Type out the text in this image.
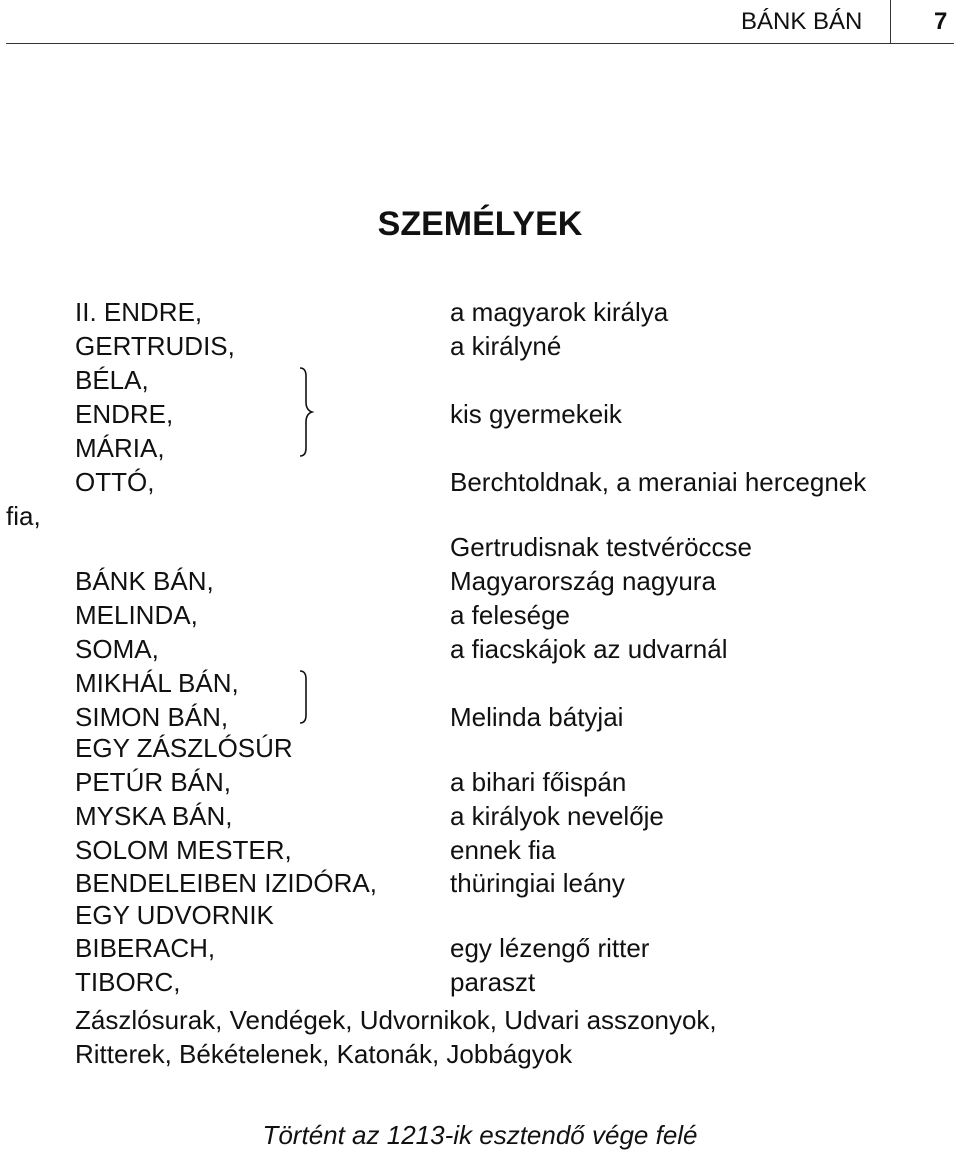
BÁNK BÁN	7
SZEMÉLYEK
II. ENDRE,	a magyarok királya
GERTRUDIS,	a királyné
BÉLA,
ENDRE,	kis gyermekeik
MÁRIA,
OTTÓ,	Berchtoldnak, a meraniai hercegnek
fia,
Gertrudisnak testvéröccse
BÁNK BÁN,	Magyarország nagyura
MELINDA,	a felesége
SOMA,	a fiacskájok az udvarnál
MIKHÁL BÁN,
SIMON BÁN,	Melinda bátyjai
EGY ZÁSZLÓSÚR
PETÚR BÁN,	a bihari főispán
MYSKA BÁN,	a királyok nevelője
SOLOM MESTER,	ennek fia
BENDELEIBEN IZIDÓRA,	thüringiai leány
EGY UDVORNIK
BIBERACH,	egy lézengő ritter
TIBORC,	paraszt
Zászlósurak, Vendégek, Udvornikok, Udvari asszonyok,
Ritterek, Békételenek, Katonák, Jobbágyok
Történt az 1213-ik esztendő vége felé
